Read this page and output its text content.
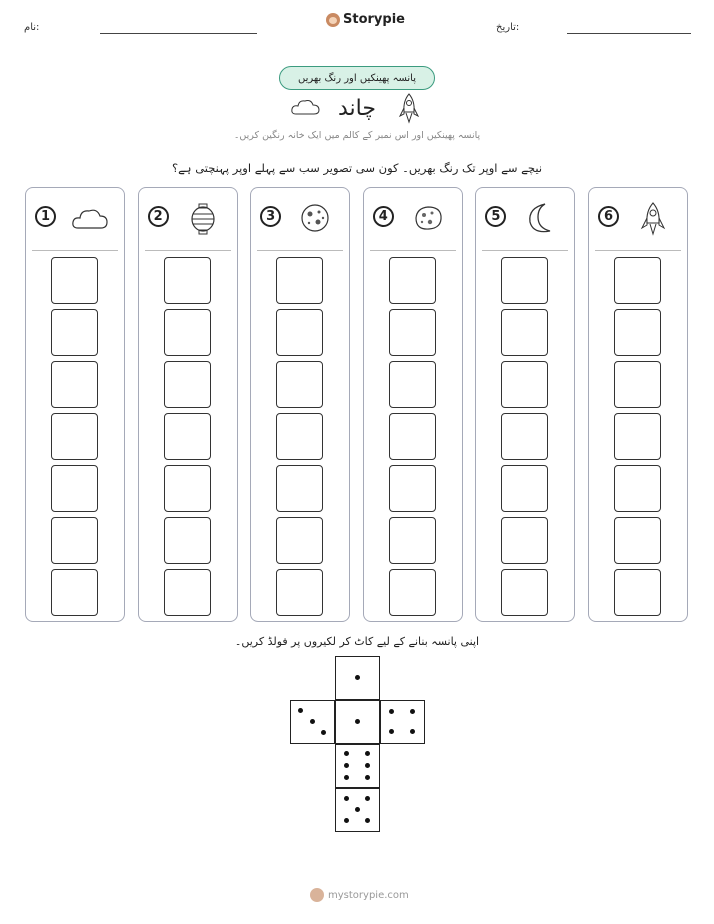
نام:	تاریخ:
Storypie
پانسہ پھینکیں اور رنگ بھریں
چاند
پانسہ پھینکیں اور اس نمبر کے کالم میں ایک خانہ رنگین کریں۔
نیچے سے اوپر تک رنگ بھریں۔ کون سی تصویر سب سے پہلے اوپر پہنچتی ہے؟
1	2	3	4	5	6
اپنی پانسہ بنانے کے لیے کاٹ کر لکیروں پر فولڈ کریں۔
mystorypie.com
